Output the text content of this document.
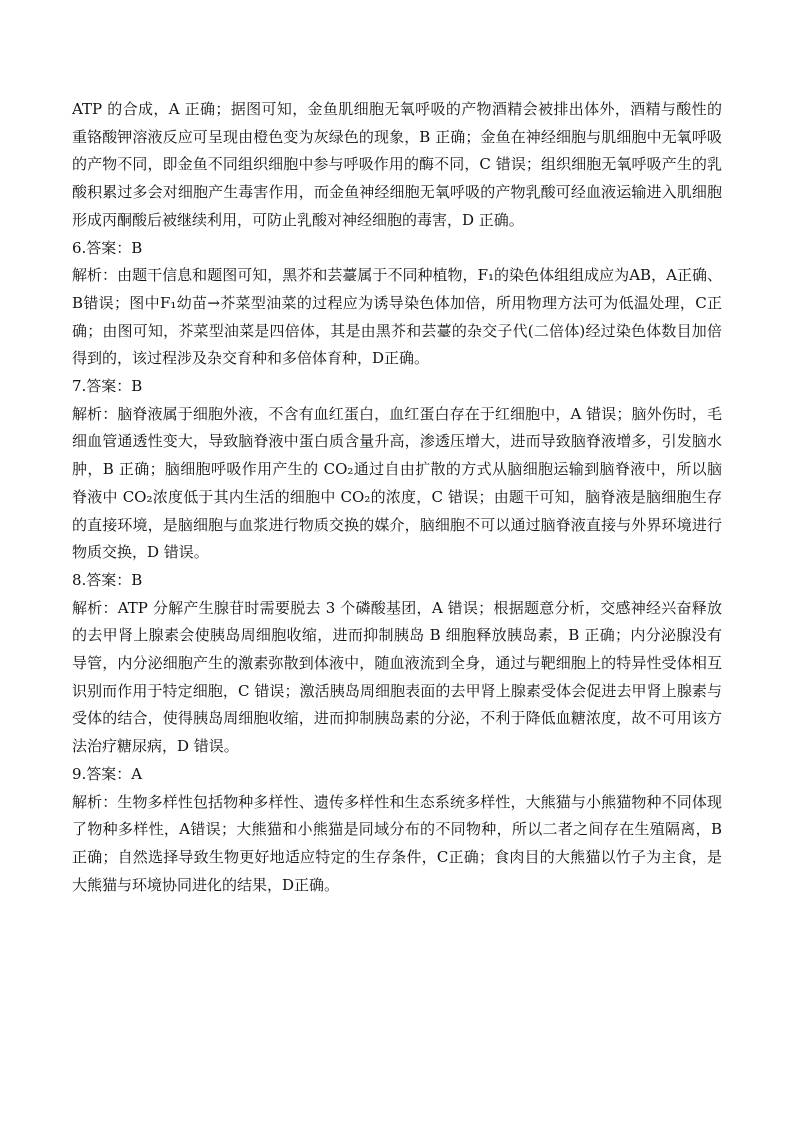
ATP 的合成，A 正确；据图可知，金鱼肌细胞无氧呼吸的产物酒精会被排出体外，酒精与酸性的重铬酸钾溶液反应可呈现由橙色变为灰绿色的现象，B 正确；金鱼在神经细胞与肌细胞中无氧呼吸的产物不同，即金鱼不同组织细胞中参与呼吸作用的酶不同，C 错误；组织细胞无氧呼吸产生的乳酸积累过多会对细胞产生毒害作用，而金鱼神经细胞无氧呼吸的产物乳酸可经血液运输进入肌细胞形成丙酮酸后被继续利用，可防止乳酸对神经细胞的毒害，D 正确。

6.答案：B

解析：由题干信息和题图可知，黑芥和芸薹属于不同种植物，F₁的染色体组组成应为AB，A正确、B错误；图中F₁幼苗→芥菜型油菜的过程应为诱导染色体加倍，所用物理方法可为低温处理，C正确；由图可知，芥菜型油菜是四倍体，其是由黑芥和芸薹的杂交子代(二倍体)经过染色体数目加倍得到的，该过程涉及杂交育种和多倍体育种，D正确。

7.答案：B

解析：脑脊液属于细胞外液，不含有血红蛋白，血红蛋白存在于红细胞中，A 错误；脑外伤时，毛细血管通透性变大，导致脑脊液中蛋白质含量升高，渗透压增大，进而导致脑脊液增多，引发脑水肿，B 正确；脑细胞呼吸作用产生的 CO₂通过自由扩散的方式从脑细胞运输到脑脊液中，所以脑脊液中 CO₂浓度低于其内生活的细胞中 CO₂的浓度，C 错误；由题干可知，脑脊液是脑细胞生存的直接环境，是脑细胞与血浆进行物质交换的媒介，脑细胞不可以通过脑脊液直接与外界环境进行物质交换，D 错误。

8.答案：B

解析：ATP 分解产生腺苷时需要脱去 3 个磷酸基团，A 错误；根据题意分析，交感神经兴奋释放的去甲肾上腺素会使胰岛周细胞收缩，进而抑制胰岛 B 细胞释放胰岛素，B 正确；内分泌腺没有导管，内分泌细胞产生的激素弥散到体液中，随血液流到全身，通过与靶细胞上的特异性受体相互识别而作用于特定细胞，C 错误；激活胰岛周细胞表面的去甲肾上腺素受体会促进去甲肾上腺素与受体的结合，使得胰岛周细胞收缩，进而抑制胰岛素的分泌，不利于降低血糖浓度，故不可用该方法治疗糖尿病，D 错误。

9.答案：A

解析：生物多样性包括物种多样性、遗传多样性和生态系统多样性，大熊猫与小熊猫物种不同体现了物种多样性，A错误；大熊猫和小熊猫是同域分布的不同物种，所以二者之间存在生殖隔离，B正确；自然选择导致生物更好地适应特定的生存条件，C正确；食肉目的大熊猫以竹子为主食，是大熊猫与环境协同进化的结果，D正确。
